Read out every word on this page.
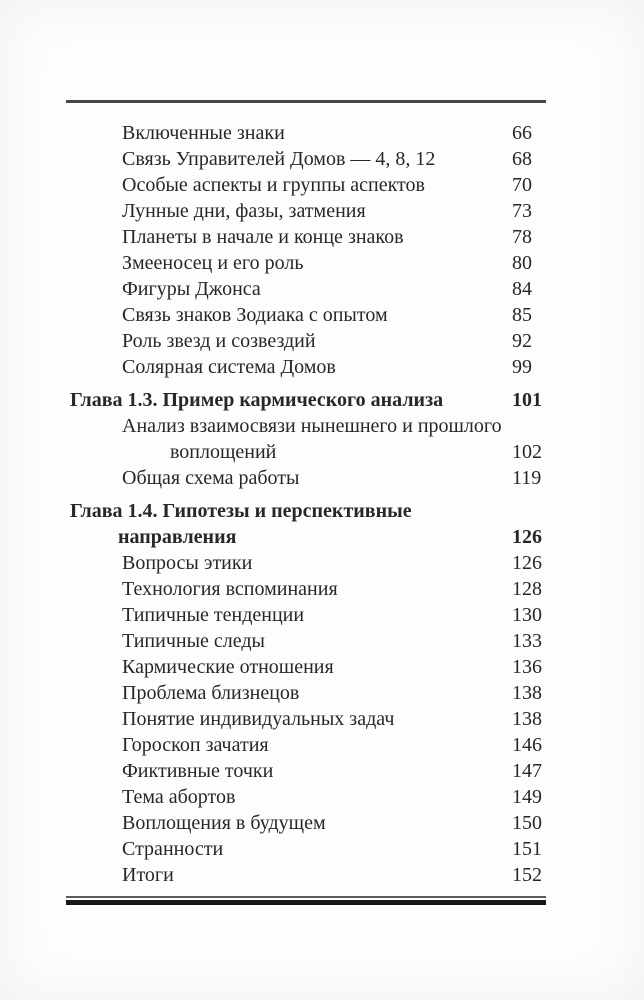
Включенные знаки	66
Связь Управителей Домов — 4, 8, 12	68
Особые аспекты и группы аспектов	70
Лунные дни, фазы, затмения	73
Планеты в начале и конце знаков	78
Змееносец и его роль	80
Фигуры Джонса	84
Связь знаков Зодиака с опытом	85
Роль звезд и созвездий	92
Солярная система Домов	99
Глава 1.3. Пример кармического анализа	101
Анализ взаимосвязи нынешнего и прошлого
воплощений	102
Общая схема работы	119
Глава 1.4. Гипотезы и перспективные
направления	126
Вопросы этики	126
Технология вспоминания	128
Типичные тенденции	130
Типичные следы	133
Кармические отношения	136
Проблема близнецов	138
Понятие индивидуальных задач	138
Гороскоп зачатия	146
Фиктивные точки	147
Тема абортов	149
Воплощения в будущем	150
Странности	151
Итоги	152
